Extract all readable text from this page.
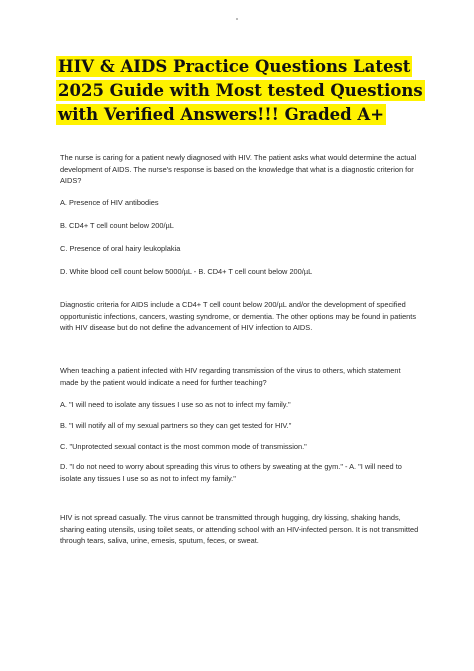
HIV & AIDS Practice Questions Latest 2025 Guide with Most tested Questions with Verified Answers!!! Graded A+

The nurse is caring for a patient newly diagnosed with HIV. The patient asks what would determine the actual development of AIDS. The nurse's response is based on the knowledge that what is a diagnostic criterion for AIDS?

A. Presence of HIV antibodies

B. CD4+ T cell count below 200/µL

C. Presence of oral hairy leukoplakia

D. White blood cell count below 5000/µL - B. CD4+ T cell count below 200/µL

Diagnostic criteria for AIDS include a CD4+ T cell count below 200/µL and/or the development of specified opportunistic infections, cancers, wasting syndrome, or dementia. The other options may be found in patients with HIV disease but do not define the advancement of HIV infection to AIDS.

When teaching a patient infected with HIV regarding transmission of the virus to others, which statement made by the patient would indicate a need for further teaching?

A. "I will need to isolate any tissues I use so as not to infect my family."

B. "I will notify all of my sexual partners so they can get tested for HIV."

C. "Unprotected sexual contact is the most common mode of transmission."

D. "I do not need to worry about spreading this virus to others by sweating at the gym." - A. "I will need to isolate any tissues I use so as not to infect my family."

HIV is not spread casually. The virus cannot be transmitted through hugging, dry kissing, shaking hands, sharing eating utensils, using toilet seats, or attending school with an HIV-infected person. It is not transmitted through tears, saliva, urine, emesis, sputum, feces, or sweat.
